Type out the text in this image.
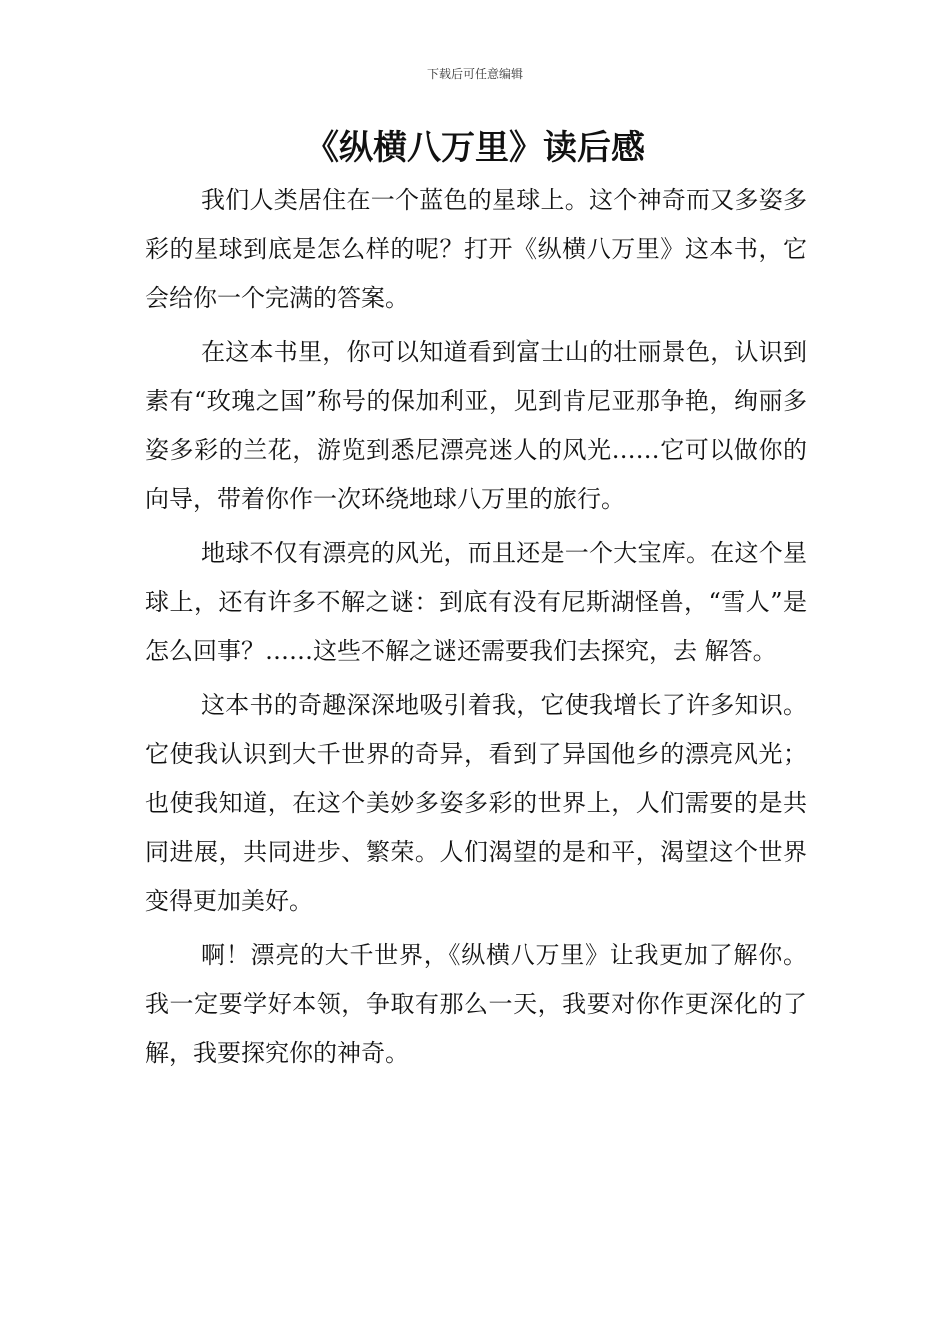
下载后可任意编辑
《纵横八万里》读后感

我们人类居住在一个蓝色的星球上。这个神奇而又多姿多彩的星球到底是怎么样的呢？打开《纵横八万里》这本书，它会给你一个完满的答案。

在这本书里，你可以知道看到富士山的壮丽景色，认识到素有“玫瑰之国”称号的保加利亚，见到肯尼亚那争艳，绚丽多姿多彩的兰花，游览到悉尼漂亮迷人的风光……它可以做你的向导，带着你作一次环绕地球八万里的旅行。

地球不仅有漂亮的风光，而且还是一个大宝库。在这个星球上，还有许多不解之谜：到底有没有尼斯湖怪兽，“雪人”是怎么回事？……这些不解之谜还需要我们去探究，去 解答。

这本书的奇趣深深地吸引着我，它使我增长了许多知识。它使我认识到大千世界的奇异，看到了异国他乡的漂亮风光；也使我知道，在这个美妙多姿多彩的世界上，人们需要的是共同进展，共同进步、繁荣。人们渴望的是和平，渴望这个世界变得更加美好。

啊！漂亮的大千世界，《纵横八万里》让我更加了解你。我一定要学好本领，争取有那么一天，我要对你作更深化的了解，我要探究你的神奇。
